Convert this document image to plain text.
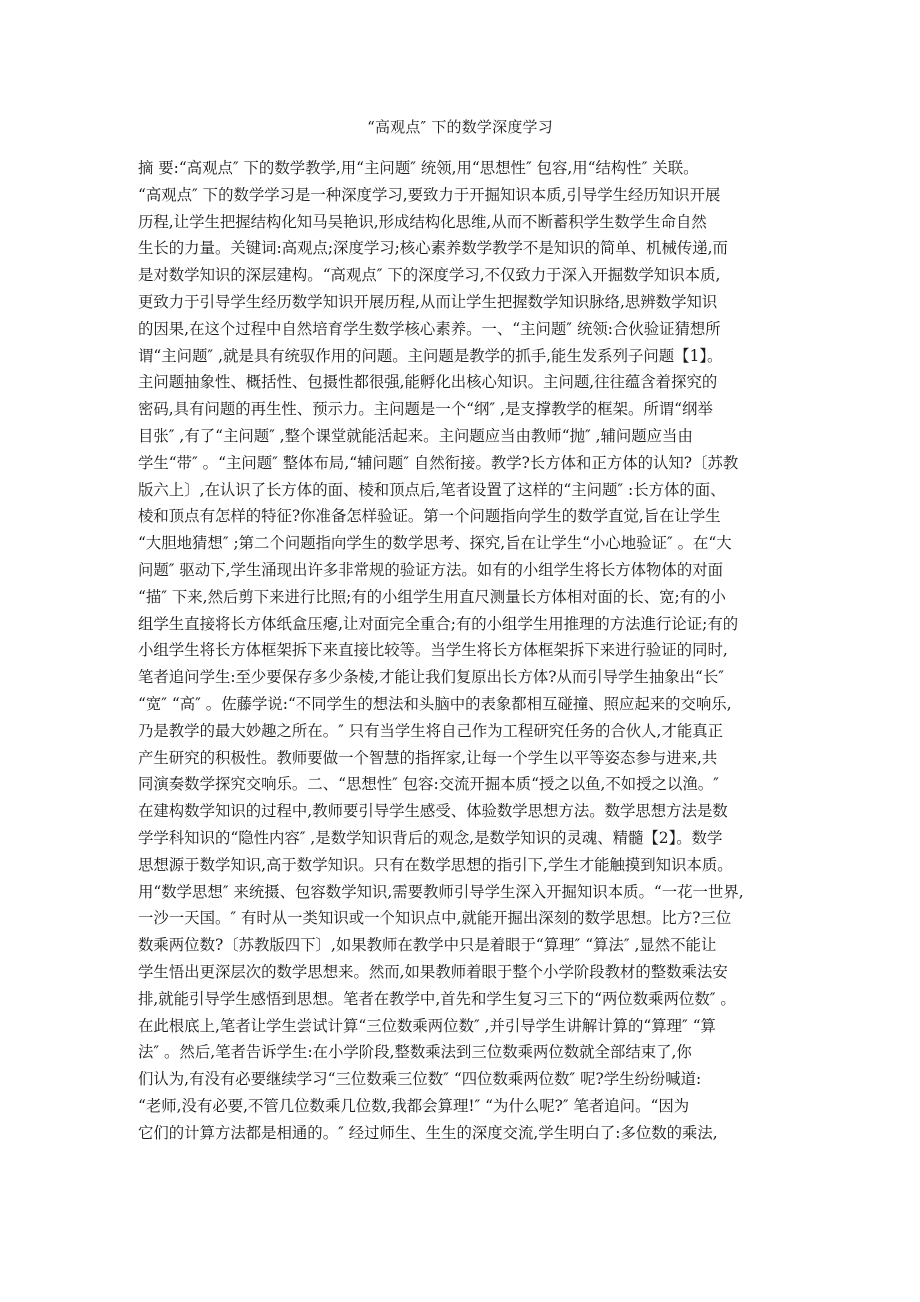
“高观点″ 下的数学深度学习
摘 要:“高观点″ 下的数学教学,用“主问题″ 统领,用“思想性″ 包容,用“结构性″ 关联。
“高观点″ 下的数学学习是一种深度学习,要致力于开掘知识本质,引导学生经历知识开展
历程,让学生把握结构化知马吴艳识,形成结构化思维,从而不断蓄积学生数学生命自然
生长的力量。关键词:高观点;深度学习;核心素养数学教学不是知识的简单、机械传递,而
是对数学知识的深层建构。“高观点″ 下的深度学习,不仅致力于深入开掘数学知识本质,
更致力于引导学生经历数学知识开展历程,从而让学生把握数学知识脉络,思辨数学知识
的因果,在这个过程中自然培育学生数学核心素养。一、“主问题″ 统领:合伙验证猜想所
谓“主问题″ ,就是具有统驭作用的问题。主问题是教学的抓手,能生发系列子问题【1】。
主问题抽象性、概括性、包摄性都很强,能孵化出核心知识。主问题,往往蕴含着探究的
密码,具有问题的再生性、预示力。主问题是一个“纲″ ,是支撑教学的框架。所谓“纲举
目张″ ,有了“主问题″ ,整个课堂就能活起来。主问题应当由教师“抛″ ,辅问题应当由
学生“带″ 。“主问题″ 整体布局,“辅问题″ 自然衔接。教学?长方体和正方体的认知?〔苏教
版六上〕,在认识了长方体的面、棱和顶点后,笔者设置了这样的“主问题″ :长方体的面、
棱和顶点有怎样的特征?你准备怎样验证。第一个问题指向学生的数学直觉,旨在让学生
“大胆地猜想″ ;第二个问题指向学生的数学思考、探究,旨在让学生“小心地验证″ 。在“大
问题″ 驱动下,学生涌现出许多非常规的验证方法。如有的小组学生将长方体物体的对面
“描″ 下来,然后剪下来进行比照;有的小组学生用直尺测量长方体相对面的长、宽;有的小
组学生直接将长方体纸盒压瘪,让对面完全重合;有的小组学生用推理的方法進行论证;有的
小组学生将长方体框架拆下来直接比较等。当学生将长方体框架拆下来进行验证的同时,
笔者追问学生:至少要保存多少条棱,才能让我们复原出长方体?从而引导学生抽象出“长″
“宽″ “高″ 。佐藤学说:“不同学生的想法和头脑中的表象都相互碰撞、照应起来的交响乐,
乃是教学的最大妙趣之所在。″ 只有当学生将自己作为工程研究任务的合伙人,才能真正
产生研究的积极性。教师要做一个智慧的指挥家,让每一个学生以平等姿态参与进来,共
同演奏数学探究交响乐。二、“思想性″ 包容:交流开掘本质“授之以鱼,不如授之以渔。″
在建构数学知识的过程中,教师要引导学生感受、体验数学思想方法。数学思想方法是数
学学科知识的“隐性内容″ ,是数学知识背后的观念,是数学知识的灵魂、精髓【2】。数学
思想源于数学知识,高于数学知识。只有在数学思想的指引下,学生才能触摸到知识本质。
用“数学思想″ 来统摄、包容数学知识,需要教师引导学生深入开掘知识本质。“一花一世界,
一沙一天国。″ 有时从一类知识或一个知识点中,就能开掘出深刻的数学思想。比方?三位
数乘两位数?〔苏教版四下〕,如果教师在教学中只是着眼于“算理″ “算法″ ,显然不能让
学生悟出更深层次的数学思想来。然而,如果教师着眼于整个小学阶段教材的整数乘法安
排,就能引导学生感悟到思想。笔者在教学中,首先和学生复习三下的“两位数乘两位数″ 。
在此根底上,笔者让学生尝试计算“三位数乘两位数″ ,并引导学生讲解计算的“算理″ “算
法″ 。然后,笔者告诉学生:在小学阶段,整数乘法到三位数乘两位数就全部结束了,你
们认为,有没有必要继续学习“三位数乘三位数″ “四位数乘两位数″ 呢?学生纷纷喊道:
“老师,没有必要,不管几位数乘几位数,我都会算理!″ “为什么呢?″ 笔者追问。“因为
它们的计算方法都是相通的。″ 经过师生、生生的深度交流,学生明白了:多位数的乘法,
